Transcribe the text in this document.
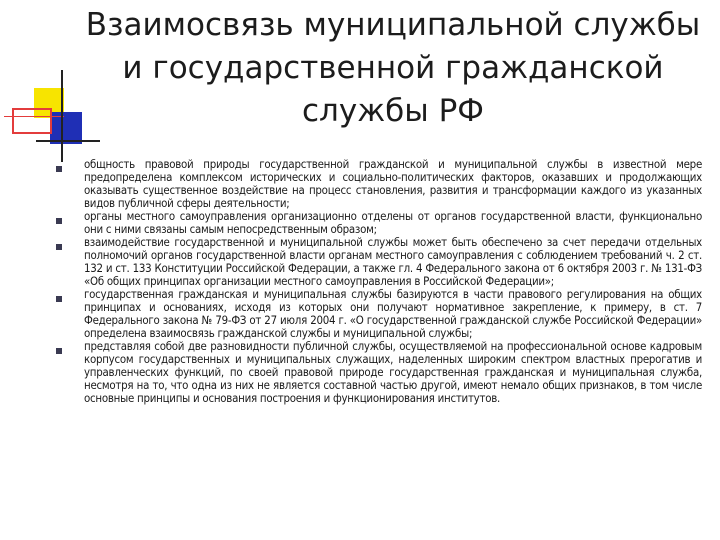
Взаимосвязь муниципальной службы
и государственной гражданской
службы РФ
общность правовой природы государственной гражданской и муниципальной службы в известной мере предопределена комплексом исторических и социально-политических факторов, оказавших и продолжающих оказывать существенное воздействие на процесс становления, развития и трансформации каждого из указанных видов публичной сферы деятельности;
органы местного самоуправления организационно отделены от органов государственной власти, функционально они с ними связаны самым непосредственным образом;
взаимодействие государственной и муниципальной службы может быть обеспечено за счет передачи отдельных полномочий органов государственной власти органам местного самоуправления с соблюдением требований ч. 2 ст. 132 и ст. 133 Конституции Российской Федерации, а также гл. 4 Федерального закона от 6 октября 2003 г. № 131-ФЗ «Об общих принципах организации местного самоуправления в Российской Федерации»;
государственная гражданская и муниципальная службы базируются в части правового регулирования на общих принципах и основаниях, исходя из которых они получают нормативное закрепление, к примеру, в ст. 7 Федерального закона № 79-ФЗ от 27 июля 2004 г. «О государственной гражданской службе Российской Федерации» определена взаимосвязь гражданской службы и муниципальной службы;
представляя собой две разновидности публичной службы, осуществляемой на профессиональной основе кадровым корпусом государственных и муниципальных служащих, наделенных широким спектром властных прерогатив и управленческих функций, по своей правовой природе государственная гражданская и муниципальная служба, несмотря на то, что одна из них не является составной частью другой, имеют немало общих признаков, в том числе основные принципы и основания построения и функционирования институтов.
